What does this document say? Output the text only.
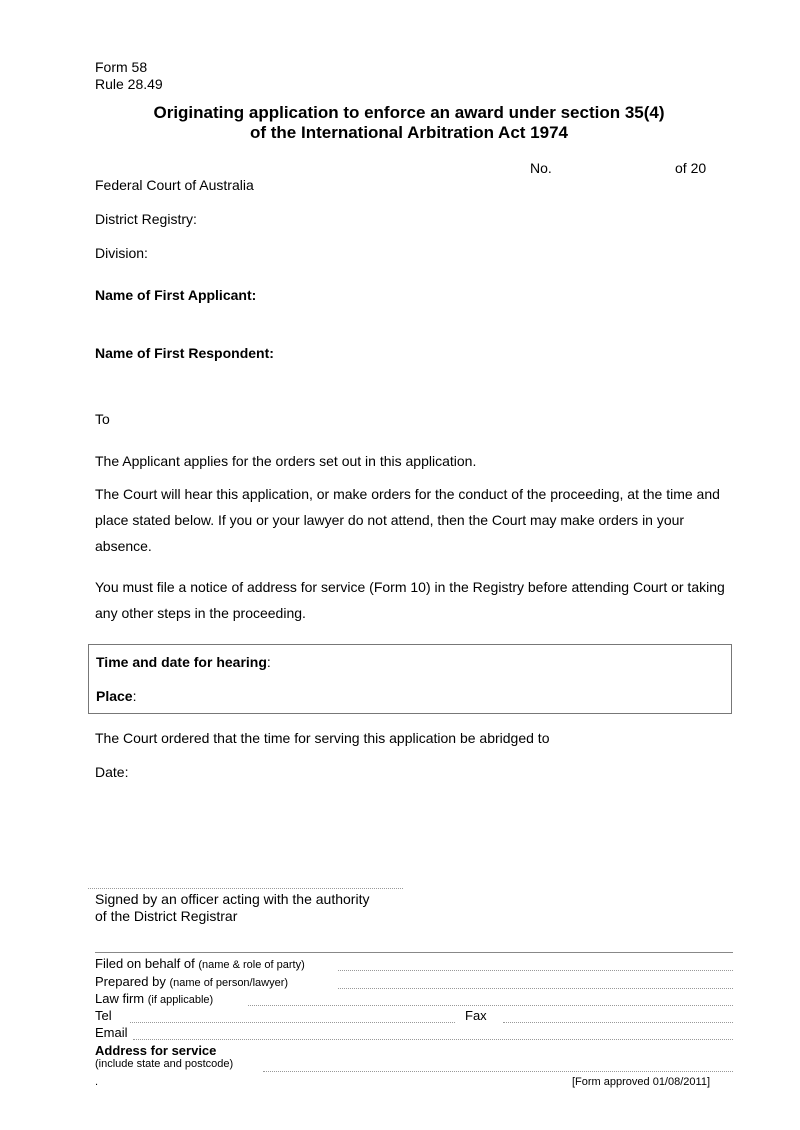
Form 58
Rule 28.49
Originating application to enforce an award under section 35(4)
of the International Arbitration Act 1974
No.	of 20
Federal Court of Australia
District Registry:
Division:
Name of First Applicant:
Name of First Respondent:
To
The Applicant applies for the orders set out in this application.
The Court will hear this application, or make orders for the conduct of the proceeding, at the time and place stated below. If you or your lawyer do not attend, then the Court may make orders in your absence.
You must file a notice of address for service (Form 10) in the Registry before attending Court or taking any other steps in the proceeding.
Time and date for hearing:
Place:
The Court ordered that the time for serving this application be abridged to
Date:
Signed by an officer acting with the authority
of the District Registrar
Filed on behalf of (name & role of party)
Prepared by (name of person/lawyer)
Law firm (if applicable)
Tel	Fax
Email
Address for service
(include state and postcode)
.	[Form approved 01/08/2011]
